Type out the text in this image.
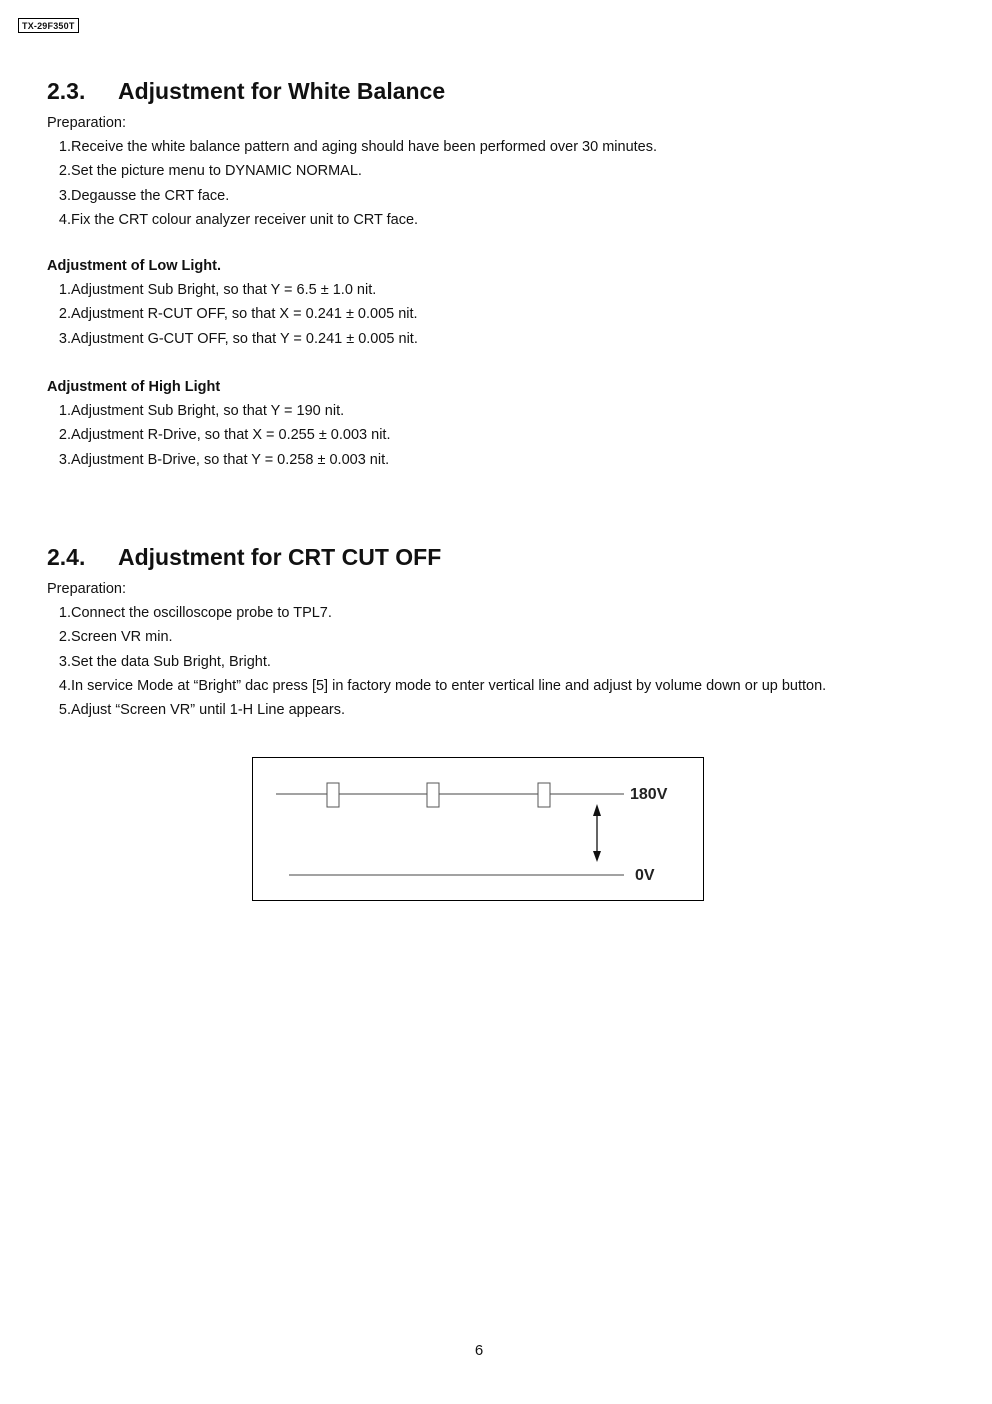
TX-29F350T
2.3.	Adjustment for White Balance
Preparation:
1. Receive the white balance pattern and aging should have been performed over 30 minutes.
2. Set the picture menu to DYNAMIC NORMAL.
3. Degausse the CRT face.
4. Fix the CRT colour analyzer receiver unit to CRT face.
Adjustment of Low Light.
1. Adjustment Sub Bright, so that Y = 6.5 ± 1.0 nit.
2. Adjustment R-CUT OFF, so that X = 0.241 ± 0.005 nit.
3. Adjustment G-CUT OFF, so that Y = 0.241 ± 0.005 nit.
Adjustment of High Light
1. Adjustment Sub Bright, so that Y = 190 nit.
2. Adjustment R-Drive, so that X = 0.255 ± 0.003 nit.
3. Adjustment B-Drive, so that Y = 0.258 ± 0.003 nit.
2.4.	Adjustment for CRT CUT OFF
Preparation:
1. Connect the oscilloscope probe to TPL7.
2. Screen VR min.
3. Set the data Sub Bright, Bright.
4. In service Mode at “Bright” dac press [5] in factory mode to enter vertical line and adjust by volume down or up button.
5. Adjust “Screen VR” until 1-H Line appears.
180V
0V
6
